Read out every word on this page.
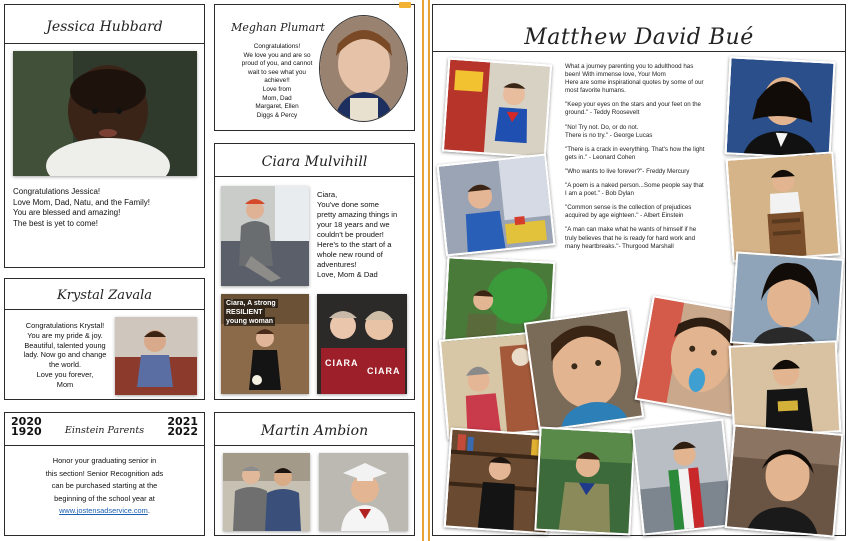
Jessica Hubbard
Congratulations Jessica!
Love Mom, Dad, Natu, and the Family!
You are blessed and amazing!
The best is yet to come!
Meghan Plumart
Congratulations!
We love you and are so
proud of you, and cannot
wait to see what you
achieve!!
Love from
Mom, Dad
Margaret, Ellen
Diggs & Percy
Ciara Mulvihill
Ciara,
You've done some
pretty amazing things in
your 18 years and we
couldn't be prouder!
Here's to the start of a
whole new round of
adventures!
Love, Mom & Dad
Ciara, A strong
RESILIENT
young woman
CIARA
CIARA
Krystal Zavala
Congratulations Krystal!
You are my pride & joy.
Beautiful, talented young
lady. Now go and change
the world.
Love you forever,
Mom
2020
1920	Einstein Parents
2021
2022
Honor your graduating senior in
this section! Senior Recognition ads
can be purchased starting at the
beginning of the school year at
www.jostensadservice.com.
Martin Ambion
Matthew David Bué
What a journey parenting you to adulthood has
been! With immense love, Your Mom
Here are some inspirational quotes by some of our
most favorite humans.
"Keep your eyes on the stars and your feet on the
ground." - Teddy Roosevelt
"No! Try not. Do, or do not.
There is no try." - George Lucas
"There is a crack in everything. That's how the light
gets in." - Leonard Cohen
"Who wants to live forever?"- Freddy Mercury
"A poem is a naked person...Some people say that
I am a poet." - Bob Dylan
"Common sense is the collection of prejudices
acquired by age eighteen." - Albert Einstein
"A man can make what he wants of himself if he
truly believes that he is ready for hard work and
many heartbreaks."- Thurgood Marshall
